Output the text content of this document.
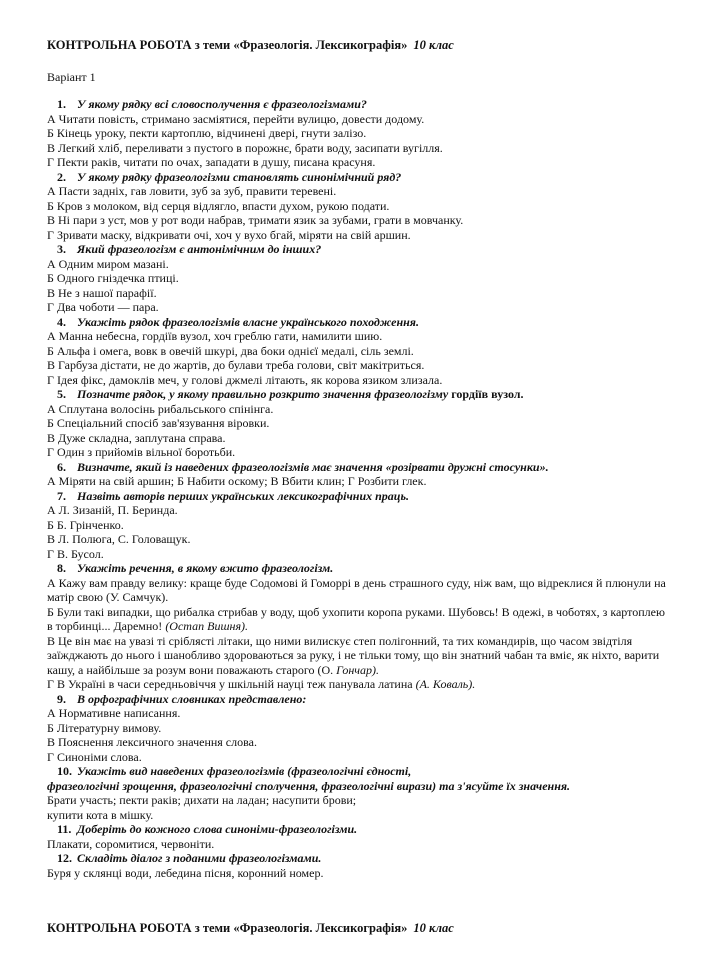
КОНТРОЛЬНА РОБОТА з теми «Фразеологія. Лексикографія» 10 клас
Варіант 1
1. У якому рядку всі словосполучення є фразеологізмами?
А Читати повість, стримано засміятися, перейти вулицю, довести додому.
Б Кінець уроку, пекти картоплю, відчинені двері, гнути залізо.
В Легкий хліб, переливати з пустого в порожнє, брати воду, засипати вугілля.
Г Пекти раків, читати по очах, западати в душу, писана красуня.
2. У якому рядку фразеологізми становлять синонімічний ряд?
А Пасти задніх, гав ловити, зуб за зуб, правити теревені.
Б Кров з молоком, від серця відлягло, впасти духом, рукою подати.
В Ні пари з уст, мов у рот води набрав, тримати язик за зубами, грати в мовчанку.
Г Зривати маску, відкривати очі, хоч у вухо бгай, міряти на свій аршин.
3. Який фразеологізм є антонімічним до інших?
А Одним миром мазані.
Б Одного гніздечка птиці.
В Не з нашої парафії.
Г Два чоботи — пара.
4. Укажіть рядок фразеологізмів власне українського походження.
А Манна небесна, гордіїв вузол, хоч греблю гати, намилити шию.
Б Альфа і омега, вовк в овечій шкурі, два боки однієї медалі, сіль землі.
В Гарбуза дістати, не до жартів, до булави треба голови, світ макітриться.
Г Ідея фікс, дамоклів меч, у голові джмелі літають, як корова язиком злизала.
5. Позначте рядок, у якому правильно розкрито значення фразеологізму гордіїв вузол.
А Сплутана волосінь рибальського спінінга.
Б Спеціальний спосіб зав'язування віровки.
В Дуже складна, заплутана справа.
Г Один з прийомів вільної боротьби.
6. Визначте, який із наведених фразеологізмів має значення «розірвати дружні стосунки».
А Міряти на свій аршин; Б Набити оскому; В Вбити клин; Г Розбити глек.
7. Назвіть авторів перших українських лексикографічних праць.
А Л. Зизаній, П. Беринда.
Б Б. Грінченко.
В Л. Полюга, С. Головащук.
Г В. Бусол.
8. Укажіть речення, в якому вжито фразеологізм.
А Кажу вам правду велику: краще буде Содомові й Гоморрі в день страшного суду, ніж вам, що відреклися й плюнули на матір свою (У. Самчук).
Б Були такі випадки, що рибалка стрибав у воду, щоб ухопити коропа руками. Шубовсь! В одежі, в чоботях, з картоплею в торбинці... Даремно! (Остап Вишня).
В Це він має на увазі ті сріблясті літаки, що ними вилискує степ полігонний, та тих командирів, що часом звідтіля заїжджають до нього і шанобливо здороваються за руку, і не тільки тому, що він знатний чабан та вміє, як ніхто, варити кашу, а найбільше за розум вони поважають старого (О. Гончар).
Г В Україні в часи середньовіччя у шкільній науці теж панувала латина (А. Коваль).
9. В орфографічних словниках представлено:
А Нормативне написання.
Б Літературну вимову.
В Пояснення лексичного значення слова.
Г Синоніми слова.
10. Укажіть вид наведених фразеологізмів (фразеологічні єдності,
фразеологічні зрощення, фразеологічні сполучення, фразеологічні вирази) та з'ясуйте їх значення.
Брати участь; пекти раків; дихати на ладан; насупити брови;
купити кота в мішку.
11. Доберіть до кожного слова синоніми-фразеологізми.
Плакати, соромитися, червоніти.
12. Складіть діалог з поданими фразеологізмами.
Буря у склянці води, лебедина пісня, коронний номер.
КОНТРОЛЬНА РОБОТА з теми «Фразеологія. Лексикографія» 10 клас
